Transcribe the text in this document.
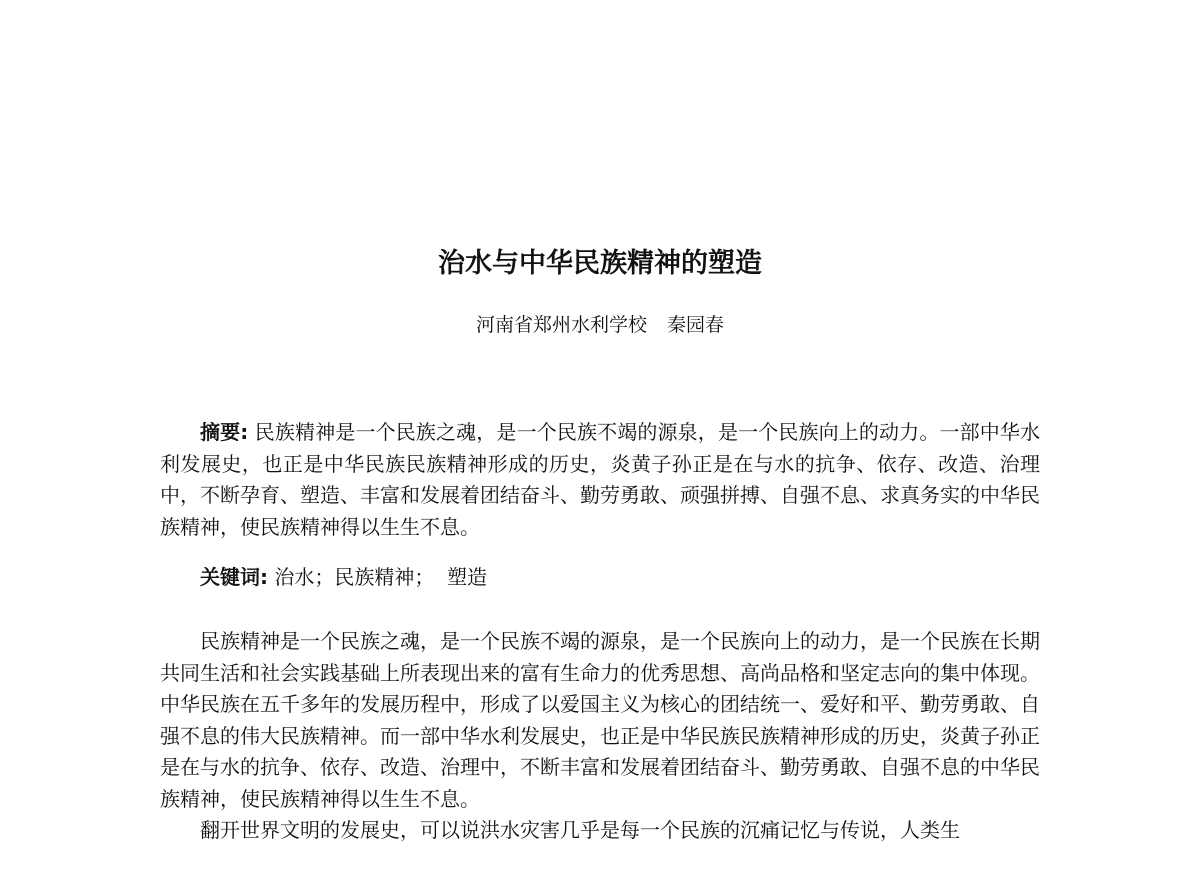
治水与中华民族精神的塑造
河南省郑州水利学校 秦园春

摘要: 民族精神是一个民族之魂，是一个民族不竭的源泉，是一个民族向上的动力。一部中华水利发展史，也正是中华民族民族精神形成的历史，炎黄子孙正是在与水的抗争、依存、改造、治理中，不断孕育、塑造、丰富和发展着团结奋斗、勤劳勇敢、顽强拼搏、自强不息、求真务实的中华民族精神，使民族精神得以生生不息。

关键词: 治水；民族精神；  塑造

民族精神是一个民族之魂，是一个民族不竭的源泉，是一个民族向上的动力，是一个民族在长期共同生活和社会实践基础上所表现出来的富有生命力的优秀思想、高尚品格和坚定志向的集中体现。中华民族在五千多年的发展历程中，形成了以爱国主义为核心的团结统一、爱好和平、勤劳勇敢、自强不息的伟大民族精神。而一部中华水利发展史，也正是中华民族民族精神形成的历史，炎黄子孙正是在与水的抗争、依存、改造、治理中，不断丰富和发展着团结奋斗、勤劳勇敢、自强不息的中华民族精神，使民族精神得以生生不息。

翻开世界文明的发展史，可以说洪水灾害几乎是每一个民族的沉痛记忆与传说，人类生
